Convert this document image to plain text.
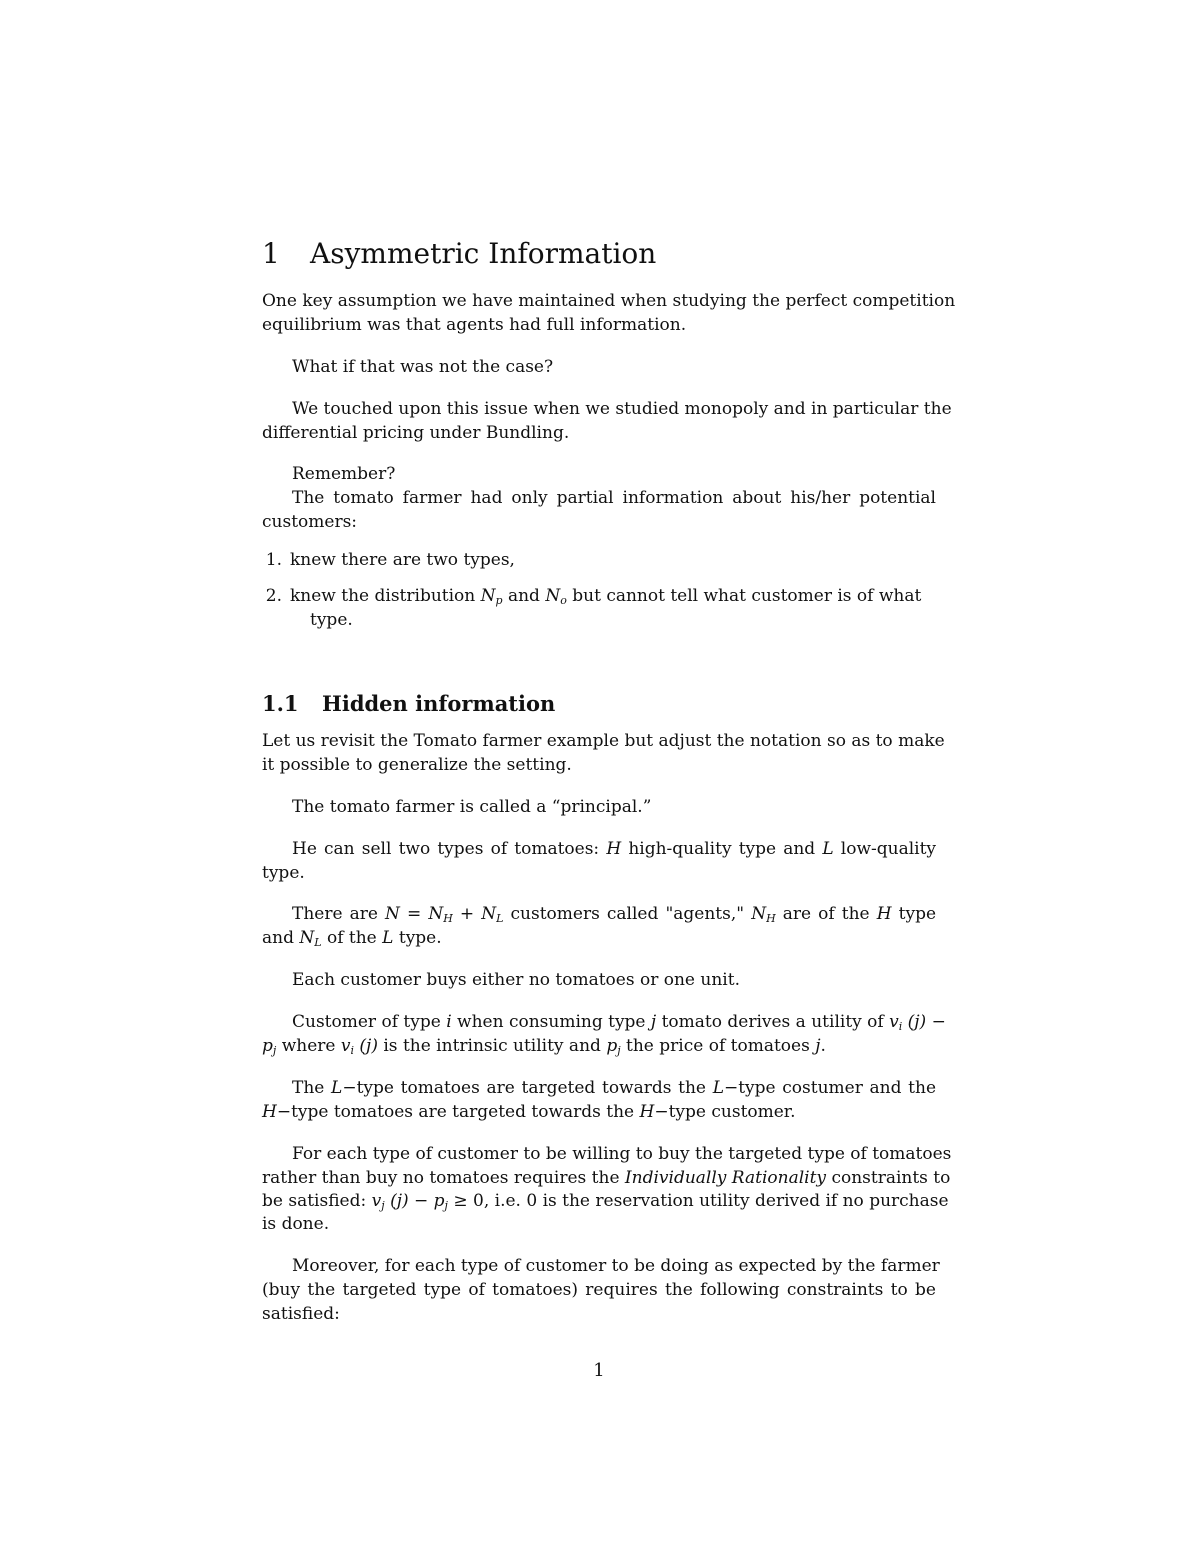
1 Asymmetric Information
One key assumption we have maintained when studying the perfect competition
equilibrium was that agents had full information.
What if that was not the case?
We touched upon this issue when we studied monopoly and in particular the
differential pricing under Bundling.
Remember?
The tomato farmer had only partial information about his/her potential
customers:
1. knew there are two types,
2. knew the distribution $N_p$ and $N_o$ but cannot tell what customer is of what
type.
1.1 Hidden information
Let us revisit the Tomato farmer example but adjust the notation so as to make
it possible to generalize the setting.
The tomato farmer is called a “principal.”
He can sell two types of tomatoes: H high-quality type and L low-quality
type.
There are $N = N_H + N_L$ customers called "agents," $N_H$ are of the H type
and $N_L$ of the L type.
Each customer buys either no tomatoes or one unit.
Customer of type i when consuming type j tomato derives a utility of $v_i$ (j) −
$p_j$ where $v_i$ (j) is the intrinsic utility and $p_j$ the price of tomatoes j.
The L−type tomatoes are targeted towards the L−type costumer and the
H−type tomatoes are targeted towards the H−type customer.
For each type of customer to be willing to buy the targeted type of tomatoes
rather than buy no tomatoes requires the Individually Rationality constraints to
be satisfied: $v_j$ $(j) - p_j \ge 0$, i.e. 0 is the reservation utility derived if no purchase
is done.
Moreover, for each type of customer to be doing as expected by the farmer
(buy the targeted type of tomatoes) requires the following constraints to be
satisfied:
1
